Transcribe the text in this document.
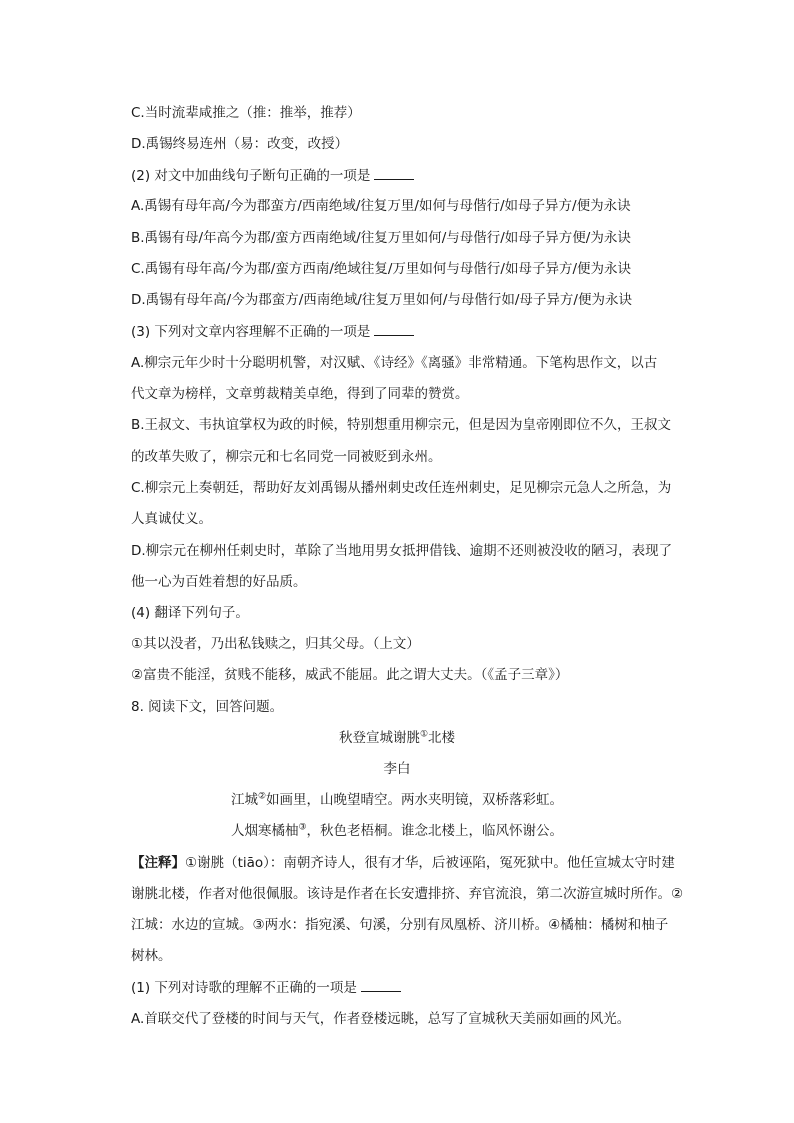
C.当时流辈咸推之（推：推举，推荐）
D.禹锡终易连州（易：改变，改授）
(2) 对文中加曲线句子断句正确的一项是
A.禹锡有母年高/今为郡蛮方/西南绝域/往复万里/如何与母偕行/如母子异方/便为永诀
B.禹锡有母/年高今为郡/蛮方西南绝域/往复万里如何/与母偕行/如母子异方便/为永诀
C.禹锡有母年高/今为郡/蛮方西南/绝域往复/万里如何与母偕行/如母子异方/便为永诀
D.禹锡有母年高/今为郡蛮方/西南绝域/往复万里如何/与母偕行如/母子异方/便为永诀
(3) 下列对文章内容理解不正确的一项是
A.柳宗元年少时十分聪明机警，对汉赋、《诗经》《离骚》非常精通。下笔构思作文，以古
代文章为榜样，文章剪裁精美卓绝，得到了同辈的赞赏。
B.王叔文、韦执谊掌权为政的时候，特别想重用柳宗元，但是因为皇帝刚即位不久，王叔文
的改革失败了，柳宗元和七名同党一同被贬到永州。
C.柳宗元上奏朝廷，帮助好友刘禹锡从播州刺史改任连州刺史，足见柳宗元急人之所急，为
人真诚仗义。
D.柳宗元在柳州任刺史时，革除了当地用男女抵押借钱、逾期不还则被没收的陋习，表现了
他一心为百姓着想的好品质。
(4) 翻译下列句子。
①其以没者，乃出私钱赎之，归其父母。（上文）
②富贵不能淫，贫贱不能移，威武不能屈。此之谓大丈夫。（《孟子三章》）
8. 阅读下文，回答问题。
秋登宣城谢朓①北楼
李白
江城②如画里，山晚望晴空。两水夹明镜，双桥落彩虹。
人烟寒橘柚③，秋色老梧桐。谁念北楼上，临风怀谢公。
【注释】①谢朓（tiāo）：南朝齐诗人，很有才华，后被诬陷，冤死狱中。他任宣城太守时建
谢朓北楼，作者对他很佩服。该诗是作者在长安遭排挤、弃官流浪，第二次游宣城时所作。②
江城：水边的宣城。③两水：指宛溪、句溪，分别有凤凰桥、济川桥。④橘柚：橘树和柚子
树林。
(1) 下列对诗歌的理解不正确的一项是
A.首联交代了登楼的时间与天气，作者登楼远眺，总写了宣城秋天美丽如画的风光。
